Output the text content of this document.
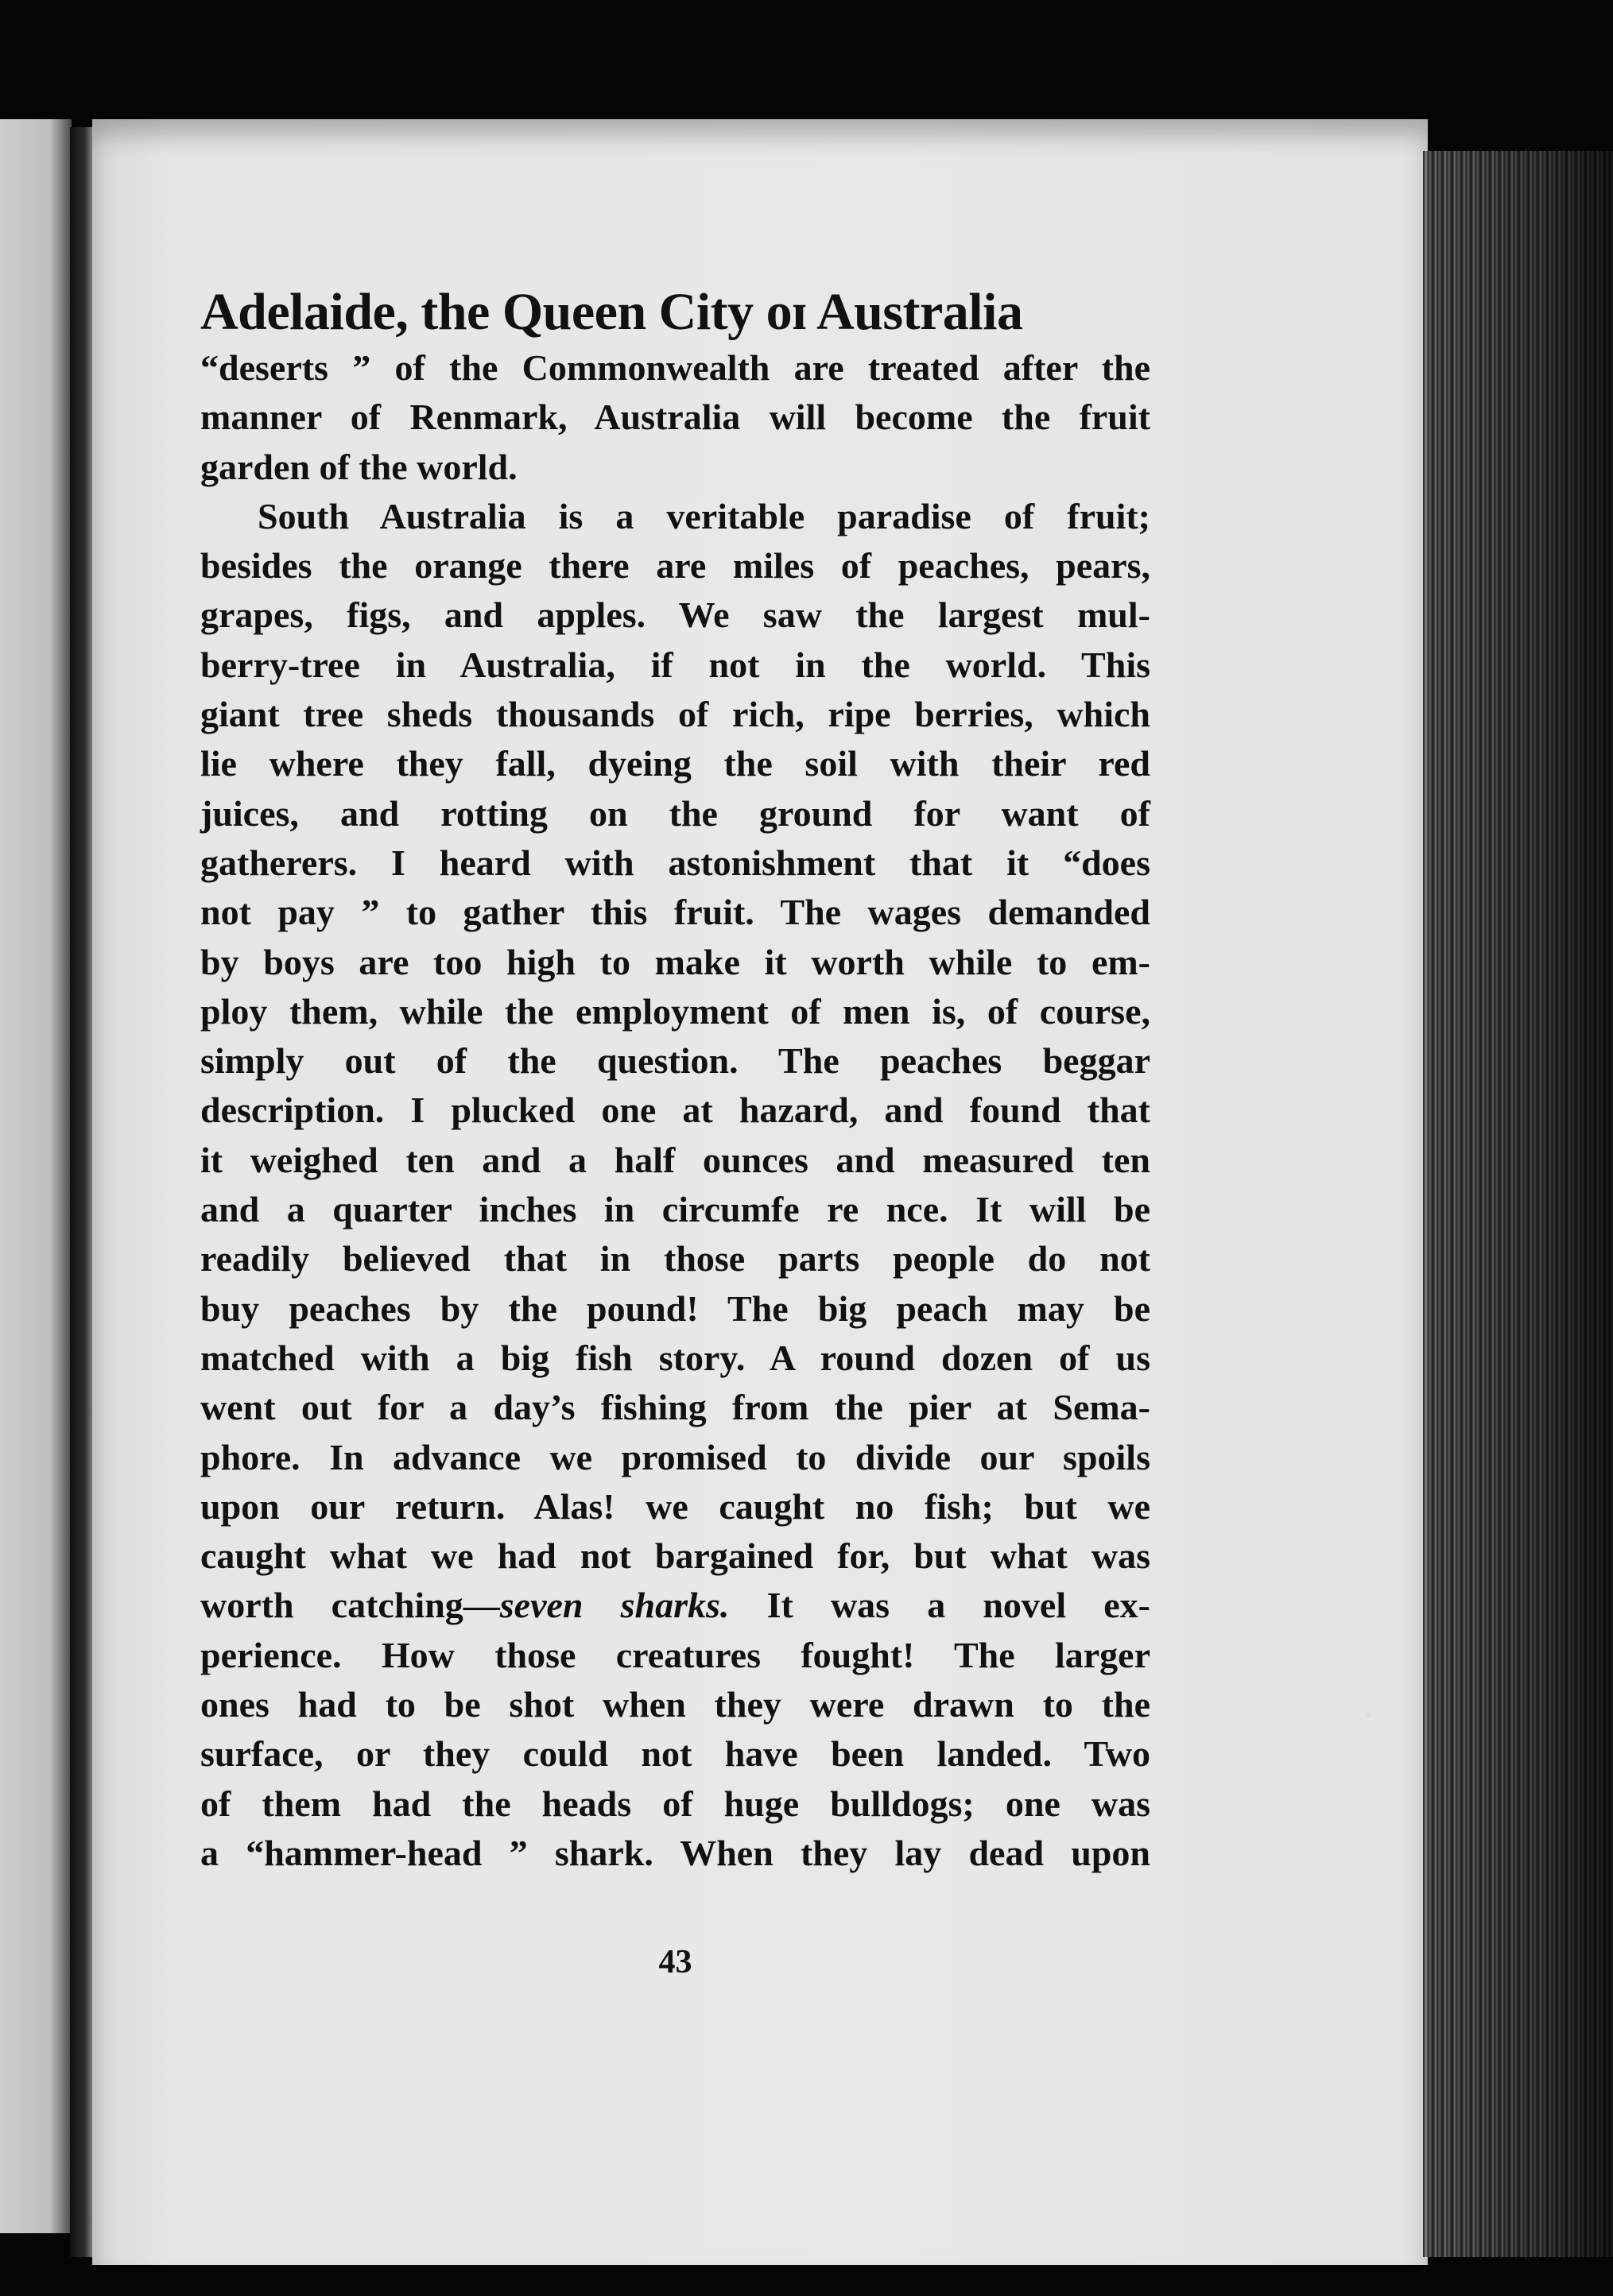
Adelaide, the Queen City oɪ Australia
“deserts ” of the Commonwealth are treated after the
manner of Renmark, Australia will become the fruit
garden of the world.
South Australia is a veritable paradise of fruit;
besides the orange there are miles of peaches, pears,
grapes, figs, and apples. We saw the largest mul-
berry-tree in Australia, if not in the world. This
giant tree sheds thousands of rich, ripe berries, which
lie where they fall, dyeing the soil with their red
juices, and rotting on the ground for want of
gatherers. I heard with astonishment that it “does
not pay ” to gather this fruit. The wages demanded
by boys are too high to make it worth while to em-
ploy them, while the employment of men is, of course,
simply out of the question. The peaches beggar
description. I plucked one at hazard, and found that
it weighed ten and a half ounces and measured ten
and a quarter inches in circumfe re nce. It will be
readily believed that in those parts people do not
buy peaches by the pound! The big peach may be
matched with a big fish story. A round dozen of us
went out for a day’s fishing from the pier at Sema-
phore. In advance we promised to divide our spoils
upon our return. Alas! we caught no fish; but we
caught what we had not bargained for, but what was
worth catching—seven sharks. It was a novel ex-
perience. How those creatures fought! The larger
ones had to be shot when they were drawn to the
surface, or they could not have been landed. Two
of them had the heads of huge bulldogs; one was
a “hammer-head ” shark. When they lay dead upon
43
